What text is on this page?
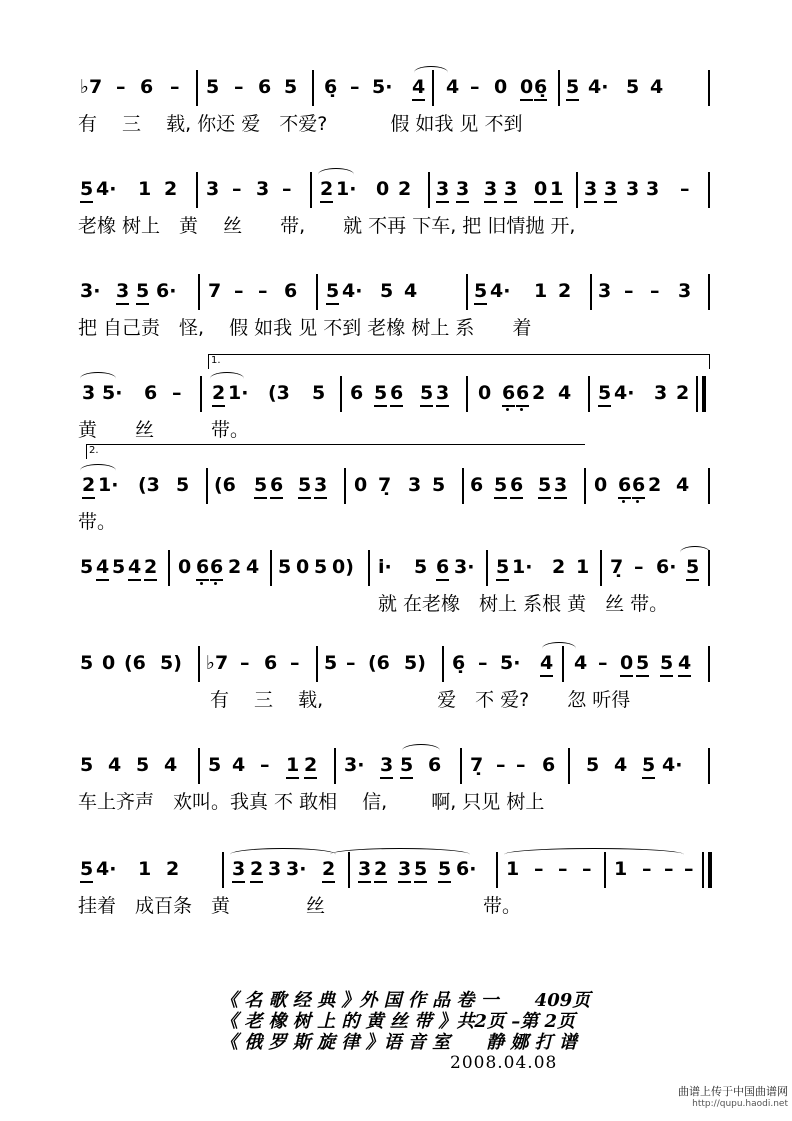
♭7 – 6 – 5 – 6 5 6̣ – 5· 4 4 – 0 0 6̣ 5 4· 5 4
有　 三　 载, 你还 爱　不爱?　　　 假 如我 见 不到
5 4· 1 2 3 – 3 – 2 1· 0 2 3 3 3 3 0 1 3 3 3 3 –
老橡 树上　黄　 丝　　带,　　就 不再 下车, 把 旧情抛 开,
3· 3 5 6· 7 – – 6 5 4· 5 4	5 4· 1 2 3 – – 3
把 自己责　怪,　 假 如我 见 不到 老橡 树上 系　　着
1.
3 5· 6 – 2 1· (3 5 6 5 6 5 3 0 6 6 2 4 5 4· 3 2
黄　　丝　　　带。
2.
2 1· (3 5 (6 5 6 5 3 0 7̣ 3 5 6 5 6 5 3 0 6 6 2 4
带。
5 4 5 4 2 0 6 6 2 4 5 0 5 0) i· 5 6 3· 5 1· 2 1 7̣ – 6· 5
就 在老橡　树上 系根 黄　丝 带。
5 0 (6 5) ♭7 – 6 – 5 – (6 5) 6̣ – 5· 4 4 – 0 5 5 4
有　 三　 载,　　　　　　爱　不 爱?　　忽 听得
5 4 5 4 5 4 – 1 2 3· 3 5 6 7̣ – – 6 5 4 5 4·
车上齐声　欢叫。我真 不 敢相　 信,　　 啊, 只见 树上
5 4· 1 2	3 2 3 3· 2 3 2 3 5 5 6· 1 – – – 1 – – –
挂着　成百条　黄　　　　丝　　　　　　　　 带。
《 名 歌 经 典 》外 国 作 品 卷 一　　409页
《 老 橡 树 上 的 黄 丝 带 》共2页 –第 2页
《 俄 罗 斯 旋 律 》语 音 室　　静 娜 打 谱
2008.04.08
曲谱上传于中国曲谱网
http://qupu.haodi.net
